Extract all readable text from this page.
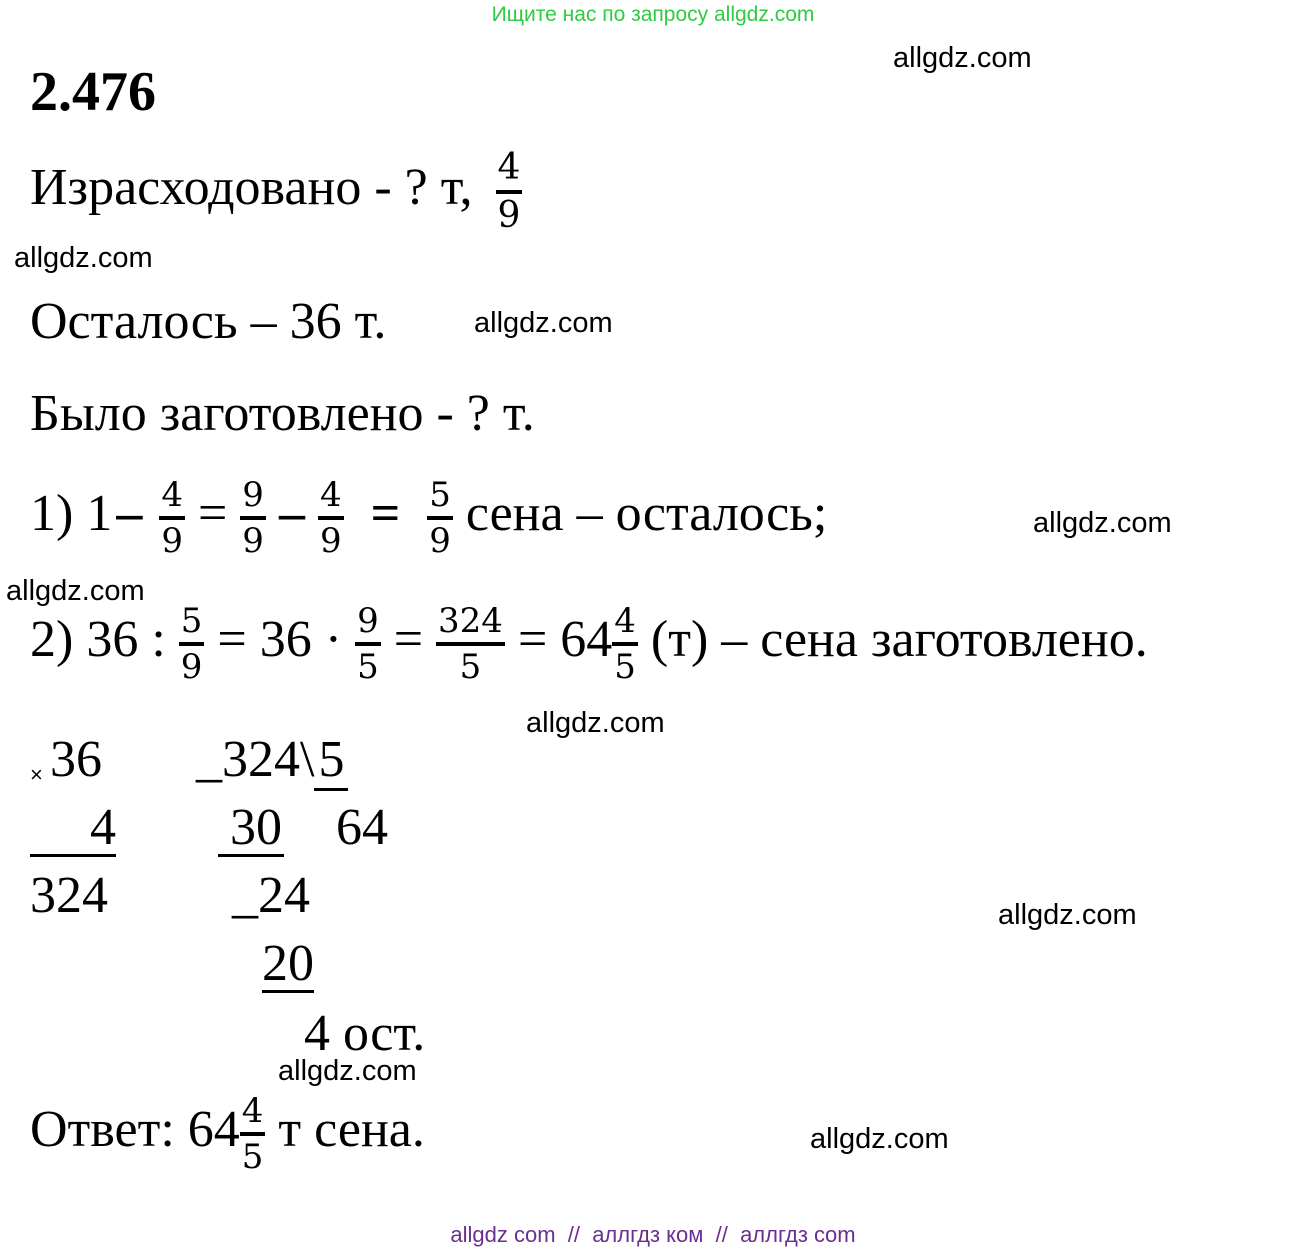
Ищите нас по запросу allgdz.com
2.476
allgdz.com
allgdz.com
allgdz.com
allgdz.com
allgdz.com
allgdz.com
allgdz.com
allgdz.com
allgdz.com
Израсходовано - ? т, $\frac{4}{9}$
Осталось – 36 т.
Было заготовлено - ? т.
1) $1- \frac{4}{9} = \frac{9}{9} - \frac{4}{9} = \frac{5}{9}$ сена – осталось;
2) 36 : $\frac{5}{9} = 36 \cdot \frac{9}{5} = \frac{324}{5} = 64 \frac{4}{5} (т)$ – сена заготовлено.
× 36
4
324
_324\5
30 64
_24
20
4 ост.
Ответ: $64 \frac{4}{5}$ т сена.
allgdz com  //  аллгдз ком  //  аллгдз com
